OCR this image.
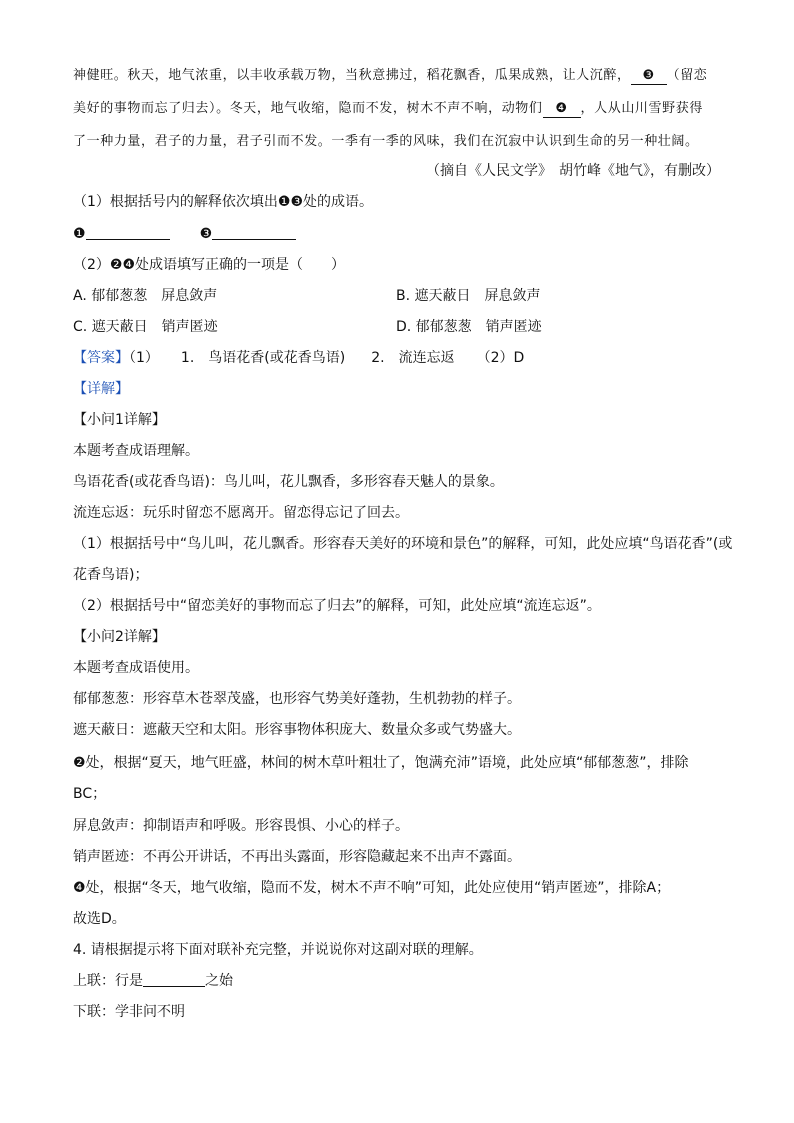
神健旺。秋天，地气浓重，以丰收承载万物，当秋意拂过，稻花飘香，瓜果成熟，让人沉醉， ❸ （留恋
美好的事物而忘了归去）。冬天，地气收缩，隐而不发，树木不声不响，动物们 ❹ ，人从山川雪野获得
了一种力量，君子的力量，君子引而不发。一季有一季的风味，我们在沉寂中认识到生命的另一种壮阔。
（摘自《人民文学》　胡竹峰《地气》，有删改）
（1）根据括号内的解释依次填出❶❸处的成语。
❶	❸
（2）❷❹处成语填写正确的一项是（　　）
A. 郁郁葱葱　屏息敛声	B. 遮天蔽日　屏息敛声
C. 遮天蔽日　销声匿迹	D. 郁郁葱葱　销声匿迹
【答案】（1） 1. 鸟语花香(或花香鸟语) 2. 流连忘返 （2）D
【详解】
【小问1详解】
本题考查成语理解。
鸟语花香(或花香鸟语)：鸟儿叫，花儿飘香，多形容春天魅人的景象。
流连忘返：玩乐时留恋不愿离开。留恋得忘记了回去。
（1）根据括号中“鸟儿叫，花儿飘香。形容春天美好的环境和景色”的解释，可知，此处应填“鸟语花香”(或
花香鸟语)；
（2）根据括号中“留恋美好的事物而忘了归去”的解释，可知，此处应填“流连忘返”。
【小问2详解】
本题考查成语使用。
郁郁葱葱：形容草木苍翠茂盛，也形容气势美好蓬勃，生机勃勃的样子。
遮天蔽日：遮蔽天空和太阳。形容事物体积庞大、数量众多或气势盛大。
❷处，根据“夏天，地气旺盛，林间的树木草叶粗壮了，饱满充沛”语境，此处应填“郁郁葱葱”，排除
BC；
屏息敛声：抑制语声和呼吸。形容畏惧、小心的样子。
销声匿迹：不再公开讲话，不再出头露面，形容隐藏起来不出声不露面。
❹处，根据“冬天，地气收缩，隐而不发，树木不声不响”可知，此处应使用“销声匿迹”，排除A；
故选D。
4. 请根据提示将下面对联补充完整，并说说你对这副对联的理解。
上联：行是	之始
下联：学非问不明
